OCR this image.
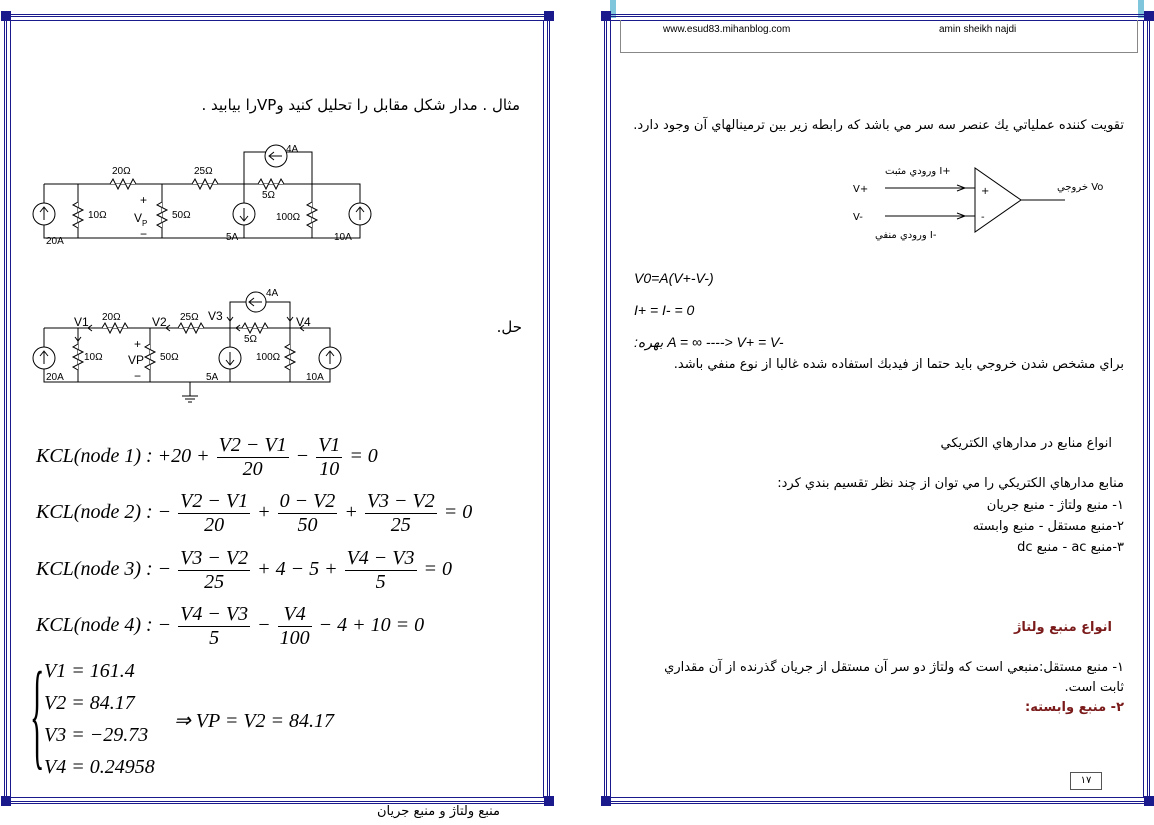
مثال . مدار شكل مقابل را تحليل كنيد وVPرا بيابيد .
20Ω	25Ω
4A
5Ω
10Ω	50Ω	100Ω
20A	5A	10A
+
−
V P
V1 20Ω	V2 25Ω V3
4A
V4
5Ω
10Ω	50Ω	100Ω
20A	5A	10A
+
−
VP
حل.
KCL(node 1) : $+20 + \frac{V2 - V1}{20} - \frac{V1}{10} = 0$
KCL(node 2) : − $\frac{V2 - V1}{20} + \frac{0 - V2}{50} + \frac{V3 - V2}{25} = 0$
KCL(node 3) : − $\frac{V3 - V2}{25} + 4 - 5 + \frac{V4 - V3}{5} = 0$
KCL(node 4) : − $\frac{V4 - V3}{5} - \frac{V4}{100} - 4 + 10 = 0$
{ V1 = 161.4
V2 = 84.17
V3 = −29.73
V4 = 0.24958
⇒ VP = V2 = 84.17
منبع ولتاژ و منبع جريان
www.esud83.mihanblog.com	amin sheikh najdi
تقويت كننده عملياتي يك عنصر سه سر مي باشد كه رابطه زير بين ترمينالهاي آن وجود دارد.
ورودي مثبت I+
ورودي منفي I-
V+
V-
+
-
خروجي Vo
V0=A(V+-V-)
I+ = I- = 0
:بهره A = ∞ ----> V+ = V-
براي مشخص شدن خروجي بايد حتما از فيدبك استفاده شده غالبا از نوع منفي باشد.
انواع منابع در مدارهاي الكتريكي
منابع مدارهاي الكتريكي را مي توان از چند نظر تقسيم بندي كرد:
۱- منبع ولتاژ - منبع جريان
۲-منبع مستقل - منبع وابسته
۳-منبع ac - منبع dc
انواع منبع ولتاژ
۱- منبع مستقل:منبعي است كه ولتاژ دو سر آن مستقل از جريان گذرنده از آن مقداري ثابت است.
۲- منبع وابسته:
۱۷
